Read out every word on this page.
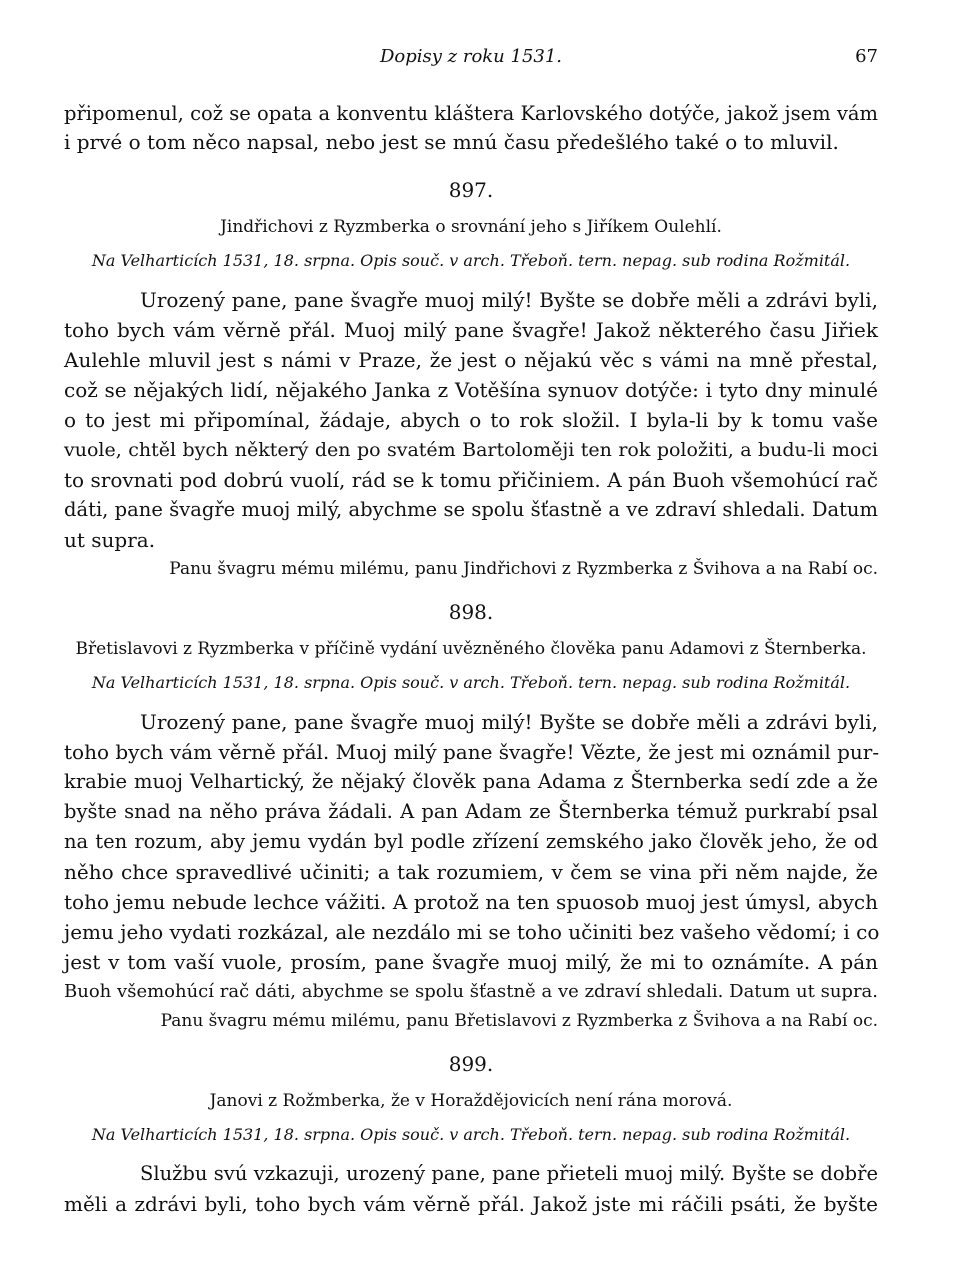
Dopisy z roku 1531.	67
připomenul, což se opata a konventu kláštera Karlovského dotýče, jakož jsem vám
i prvé o tom něco napsal, nebo jest se mnú času předešlého také o to mluvil.
897.
Jindřichovi z Ryzmberka o srovnání jeho s Jiříkem Oulehlí.
Na Velharticích 1531, 18. srpna. Opis souč. v arch. Třeboň. tern. nepag. sub rodina Rožmitál.
Urozený pane, pane švagře muoj milý! Byšte se dobře měli a zdrávi byli,
toho bych vám věrně přál. Muoj milý pane švagře! Jakož některého času Jiřiek
Aulehle mluvil jest s námi v Praze, že jest o nějakú věc s vámi na mně přestal,
což se nějakých lidí, nějakého Janka z Votěšína synuov dotýče: i tyto dny minulé
o to jest mi připomínal, žádaje, abych o to rok složil. I byla-li by k tomu vaše
vuole, chtěl bych některý den po svatém Bartoloměji ten rok položiti, a budu-li moci
to srovnati pod dobrú vuolí, rád se k tomu přičiniem. A pán Buoh všemohúcí rač
dáti, pane švagře muoj milý, abychme se spolu šťastně a ve zdraví shledali. Datum
ut supra.
Panu švagru mému milému, panu Jindřichovi z Ryzmberka z Švihova a na Rabí oc.
898.
Břetislavovi z Ryzmberka v příčině vydání uvězněného člověka panu Adamovi z Šternberka.
Na Velharticích 1531, 18. srpna. Opis souč. v arch. Třeboň. tern. nepag. sub rodina Rožmitál.
Urozený pane, pane švagře muoj milý! Byšte se dobře měli a zdrávi byli,
toho bych vám věrně přál. Muoj milý pane švagře! Vězte, že jest mi oznámil pur-
krabie muoj Velhartický, že nějaký člověk pana Adama z Šternberka sedí zde a že
byšte snad na něho práva žádali. A pan Adam ze Šternberka témuž purkrabí psal
na ten rozum, aby jemu vydán byl podle zřízení zemského jako člověk jeho, že od
něho chce spravedlivé učiniti; a tak rozumiem, v čem se vina při něm najde, že
toho jemu nebude lechce vážiti. A protož na ten spuosob muoj jest úmysl, abych
jemu jeho vydati rozkázal, ale nezdálo mi se toho učiniti bez vašeho vědomí; i co
jest v tom vaší vuole, prosím, pane švagře muoj milý, že mi to oznámíte. A pán
Buoh všemohúcí rač dáti, abychme se spolu šťastně a ve zdraví shledali. Datum ut supra.
Panu švagru mému milému, panu Břetislavovi z Ryzmberka z Švihova a na Rabí oc.
899.
Janovi z Rožmberka, že v Horaždějovicích není rána morová.
Na Velharticích 1531, 18. srpna. Opis souč. v arch. Třeboň. tern. nepag. sub rodina Rožmitál.
Službu svú vzkazuji, urozený pane, pane přieteli muoj milý. Byšte se dobře
měli a zdrávi byli, toho bych vám věrně přál. Jakož jste mi ráčili psáti, že byšte
